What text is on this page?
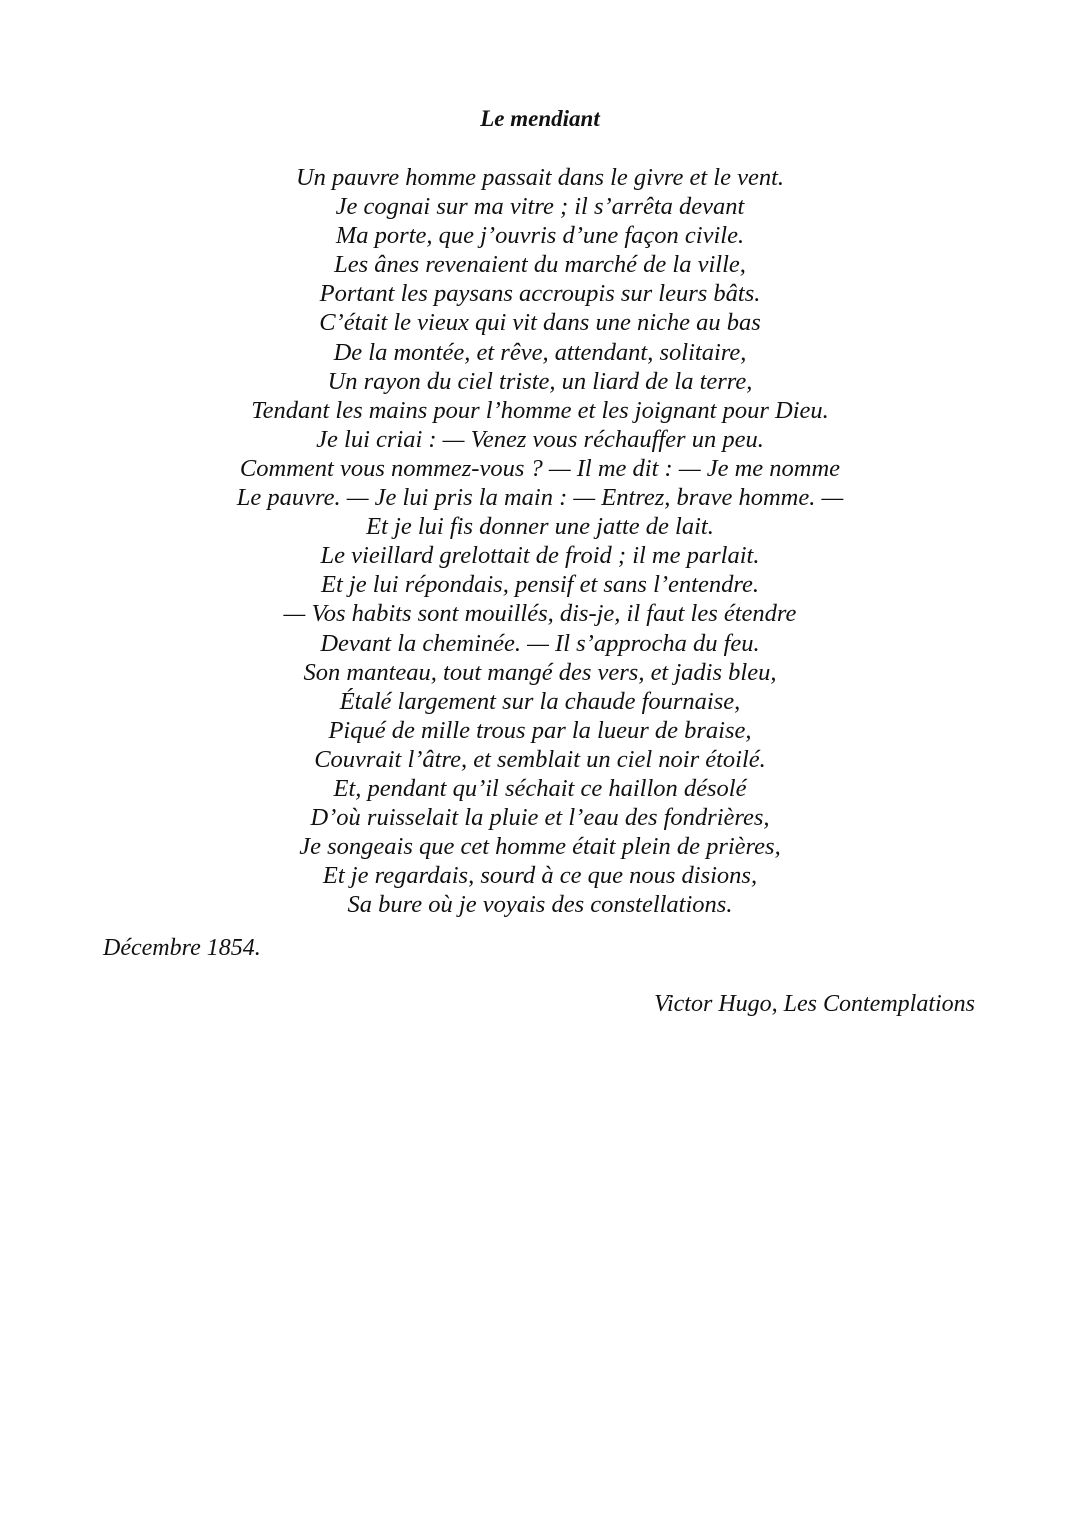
Le mendiant
Un pauvre homme passait dans le givre et le vent.
Je cognai sur ma vitre ; il s’arrêta devant
Ma porte, que j’ouvris d’une façon civile.
Les ânes revenaient du marché de la ville,
Portant les paysans accroupis sur leurs bâts.
C’était le vieux qui vit dans une niche au bas
De la montée, et rêve, attendant, solitaire,
Un rayon du ciel triste, un liard de la terre,
Tendant les mains pour l’homme et les joignant pour Dieu.
Je lui criai : — Venez vous réchauffer un peu.
Comment vous nommez-vous ? — Il me dit : — Je me nomme
Le pauvre. — Je lui pris la main : — Entrez, brave homme. —
Et je lui fis donner une jatte de lait.
Le vieillard grelottait de froid ; il me parlait.
Et je lui répondais, pensif et sans l’entendre.
— Vos habits sont mouillés, dis-je, il faut les étendre
Devant la cheminée. — Il s’approcha du feu.
Son manteau, tout mangé des vers, et jadis bleu,
Étalé largement sur la chaude fournaise,
Piqué de mille trous par la lueur de braise,
Couvrait l’âtre, et semblait un ciel noir étoilé.
Et, pendant qu’il séchait ce haillon désolé
D’où ruisselait la pluie et l’eau des fondrières,
Je songeais que cet homme était plein de prières,
Et je regardais, sourd à ce que nous disions,
Sa bure où je voyais des constellations.
Décembre 1854.
Victor Hugo, Les Contemplations
